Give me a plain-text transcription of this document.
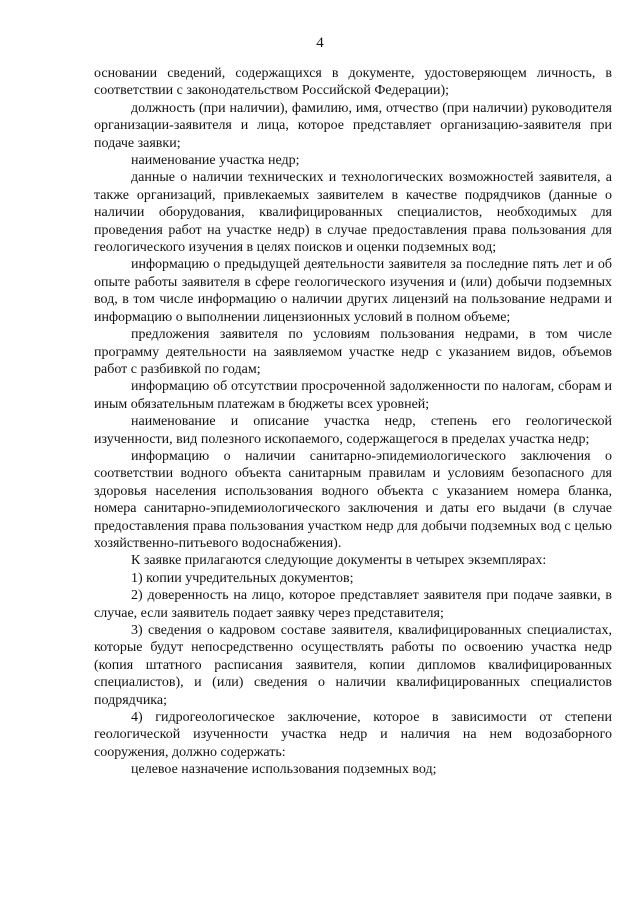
4

основании сведений, содержащихся в документе, удостоверяющем личность, в соответствии с законодательством Российской Федерации);

должность (при наличии), фамилию, имя, отчество (при наличии) руководителя организации-заявителя и лица, которое представляет организацию-заявителя при подаче заявки;

наименование участка недр;

данные о наличии технических и технологических возможностей заявителя, а также организаций, привлекаемых заявителем в качестве подрядчиков (данные о наличии оборудования, квалифицированных специалистов, необходимых для проведения работ на участке недр) в случае предоставления права пользования для геологического изучения в целях поисков и оценки подземных вод;

информацию о предыдущей деятельности заявителя за последние пять лет и об опыте работы заявителя в сфере геологического изучения и (или) добычи подземных вод, в том числе информацию о наличии других лицензий на пользование недрами и информацию о выполнении лицензионных условий в полном объеме;

предложения заявителя по условиям пользования недрами, в том числе программу деятельности на заявляемом участке недр с указанием видов, объемов работ с разбивкой по годам;

информацию об отсутствии просроченной задолженности по налогам, сборам и иным обязательным платежам в бюджеты всех уровней;

наименование и описание участка недр, степень его геологической изученности, вид полезного ископаемого, содержащегося в пределах участка недр;

информацию о наличии санитарно-эпидемиологического заключения о соответствии водного объекта санитарным правилам и условиям безопасного для здоровья населения использования водного объекта с указанием номера бланка, номера санитарно-эпидемиологического заключения и даты его выдачи (в случае предоставления права пользования участком недр для добычи подземных вод с целью хозяйственно-питьевого водоснабжения).

К заявке прилагаются следующие документы в четырех экземплярах:

1) копии учредительных документов;

2) доверенность на лицо, которое представляет заявителя при подаче заявки, в случае, если заявитель подает заявку через представителя;

3) сведения о кадровом составе заявителя, квалифицированных специалистах, которые будут непосредственно осуществлять работы по освоению участка недр (копия штатного расписания заявителя, копии дипломов квалифицированных специалистов), и (или) сведения о наличии квалифицированных специалистов подрядчика;

4) гидрогеологическое заключение, которое в зависимости от степени геологической изученности участка недр и наличия на нем водозаборного сооружения, должно содержать:

целевое назначение использования подземных вод;
